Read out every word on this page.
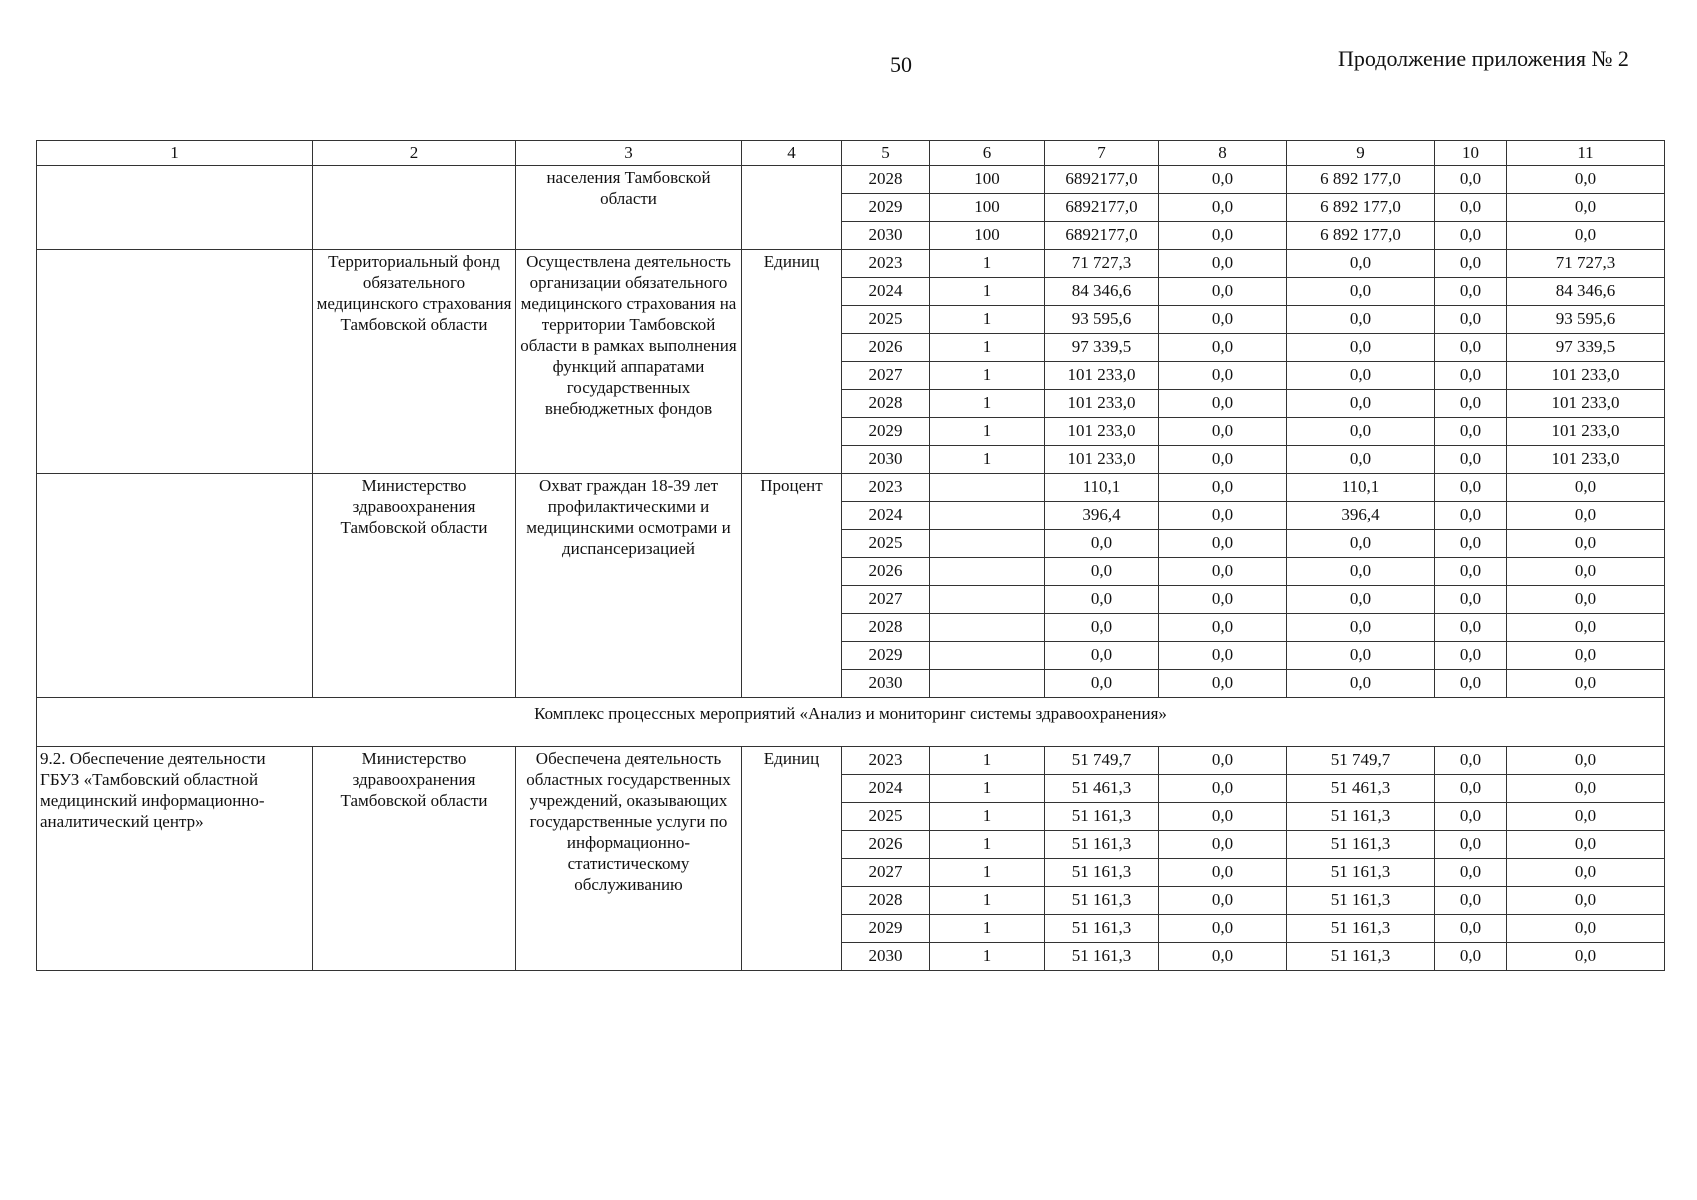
50	Продолжение приложения № 2
1	2	3	4	5	6	7	8	9	10	11
		населения Тамбовской области		2028	100	6892177,0	0,0	6 892 177,0	0,0	0,0
				2029	100	6892177,0	0,0	6 892 177,0	0,0	0,0
				2030	100	6892177,0	0,0	6 892 177,0	0,0	0,0
	Территориальный фонд обязательного медицинского страхования Тамбовской области	Осуществлена деятельность организации обязательного медицинского страхования на территории Тамбовской области в рамках выполнения функций аппаратами государственных внебюджетных фондов	Единиц	2023	1	71 727,3	0,0	0,0	0,0	71 727,3
				2024	1	84 346,6	0,0	0,0	0,0	84 346,6
				2025	1	93 595,6	0,0	0,0	0,0	93 595,6
				2026	1	97 339,5	0,0	0,0	0,0	97 339,5
				2027	1	101 233,0	0,0	0,0	0,0	101 233,0
				2028	1	101 233,0	0,0	0,0	0,0	101 233,0
				2029	1	101 233,0	0,0	0,0	0,0	101 233,0
				2030	1	101 233,0	0,0	0,0	0,0	101 233,0
	Министерство здравоохранения Тамбовской области	Охват граждан 18-39 лет профилактическими и медицинскими осмотрами и диспансеризацией	Процент	2023		110,1	0,0	110,1	0,0	0,0
				2024		396,4	0,0	396,4	0,0	0,0
				2025		0,0	0,0	0,0	0,0	0,0
				2026		0,0	0,0	0,0	0,0	0,0
				2027		0,0	0,0	0,0	0,0	0,0
				2028		0,0	0,0	0,0	0,0	0,0
				2029		0,0	0,0	0,0	0,0	0,0
				2030		0,0	0,0	0,0	0,0	0,0
Комплекс процессных мероприятий «Анализ и мониторинг системы здравоохранения»										
9.2. Обеспечение деятельности ГБУЗ «Тамбовский областной медицинский информационно-аналитический центр»	Министерство здравоохранения Тамбовской области	Обеспечена деятельность областных государственных учреждений, оказывающих государственные услуги по информационно-статистическому обслуживанию	Единиц	2023	1	51 749,7	0,0	51 749,7	0,0	0,0
				2024	1	51 461,3	0,0	51 461,3	0,0	0,0
				2025	1	51 161,3	0,0	51 161,3	0,0	0,0
				2026	1	51 161,3	0,0	51 161,3	0,0	0,0
				2027	1	51 161,3	0,0	51 161,3	0,0	0,0
				2028	1	51 161,3	0,0	51 161,3	0,0	0,0
				2029	1	51 161,3	0,0	51 161,3	0,0	0,0
				2030	1	51 161,3	0,0	51 161,3	0,0	0,0
